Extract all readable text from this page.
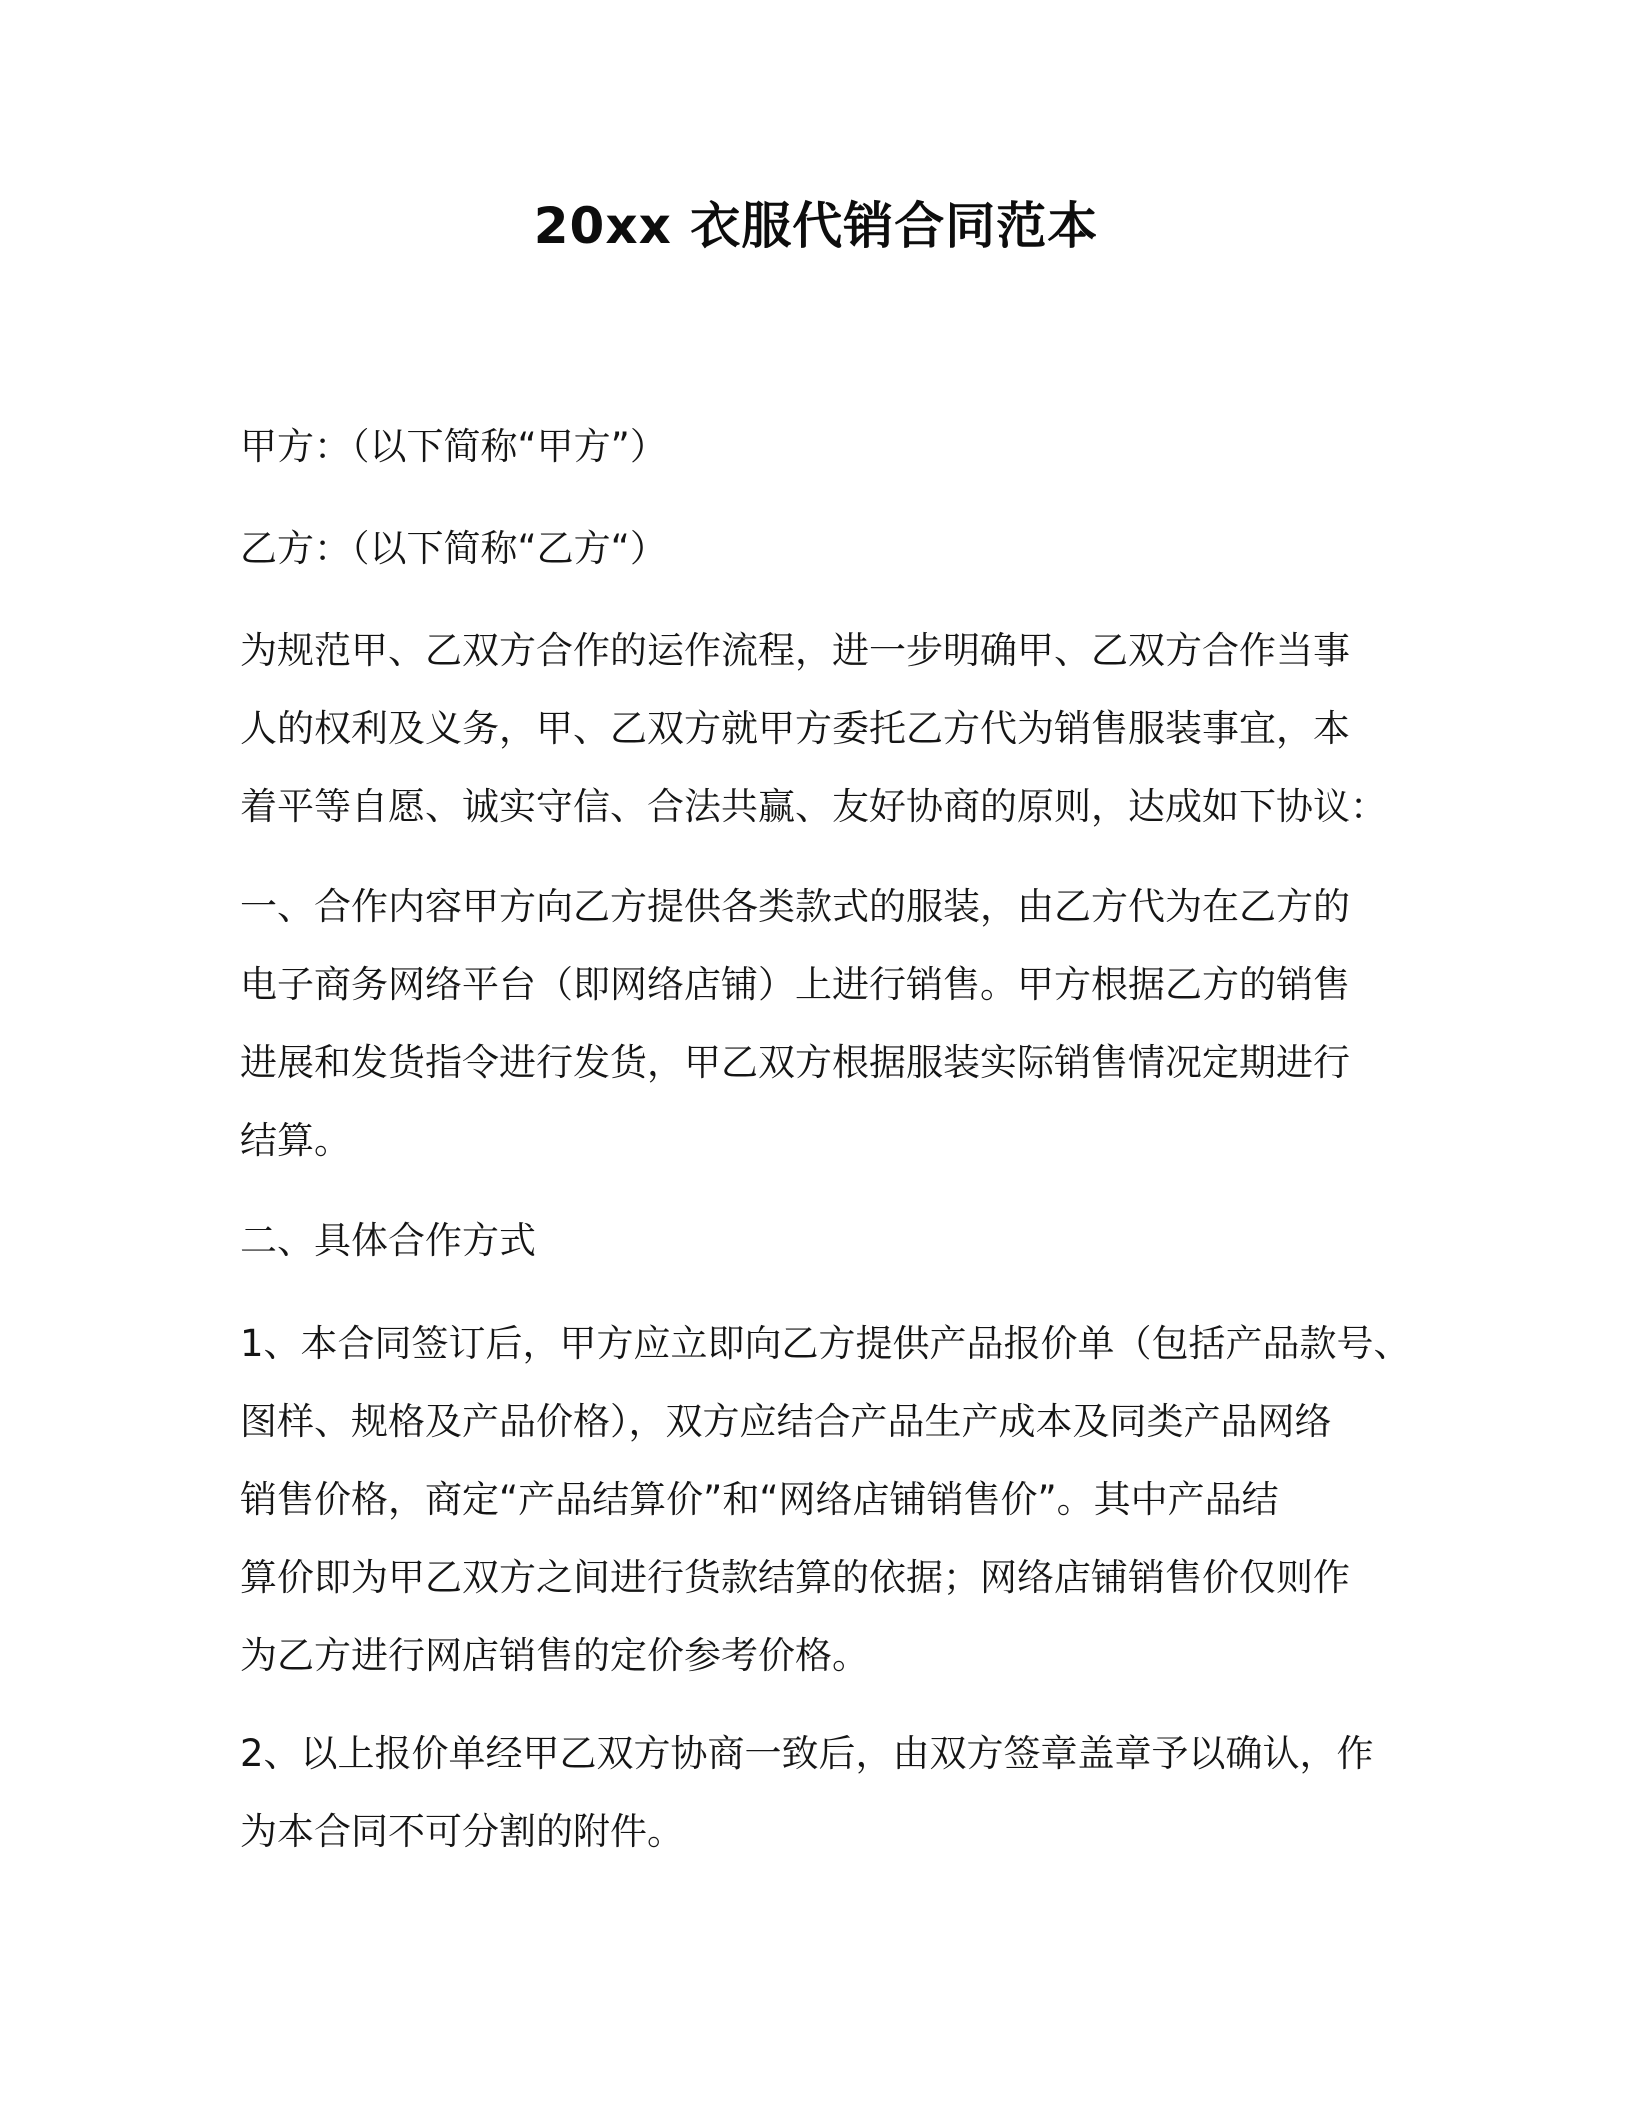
20xx 衣服代销合同范本

甲方：（以下简称“甲方”）

乙方：（以下简称“乙方“）

为规范甲、乙双方合作的运作流程，进一步明确甲、乙双方合作当事
人的权利及义务，甲、乙双方就甲方委托乙方代为销售服装事宜，本
着平等自愿、诚实守信、合法共赢、友好协商的原则，达成如下协议：

一、合作内容甲方向乙方提供各类款式的服装，由乙方代为在乙方的
电子商务网络平台（即网络店铺）上进行销售。甲方根据乙方的销售
进展和发货指令进行发货，甲乙双方根据服装实际销售情况定期进行
结算。

二、具体合作方式

1、本合同签订后，甲方应立即向乙方提供产品报价单（包括产品款号、
图样、规格及产品价格），双方应结合产品生产成本及同类产品网络
销售价格，商定“产品结算价”和“网络店铺销售价”。其中产品结
算价即为甲乙双方之间进行货款结算的依据；网络店铺销售价仅则作
为乙方进行网店销售的定价参考价格。

2、以上报价单经甲乙双方协商一致后，由双方签章盖章予以确认，作
为本合同不可分割的附件。
